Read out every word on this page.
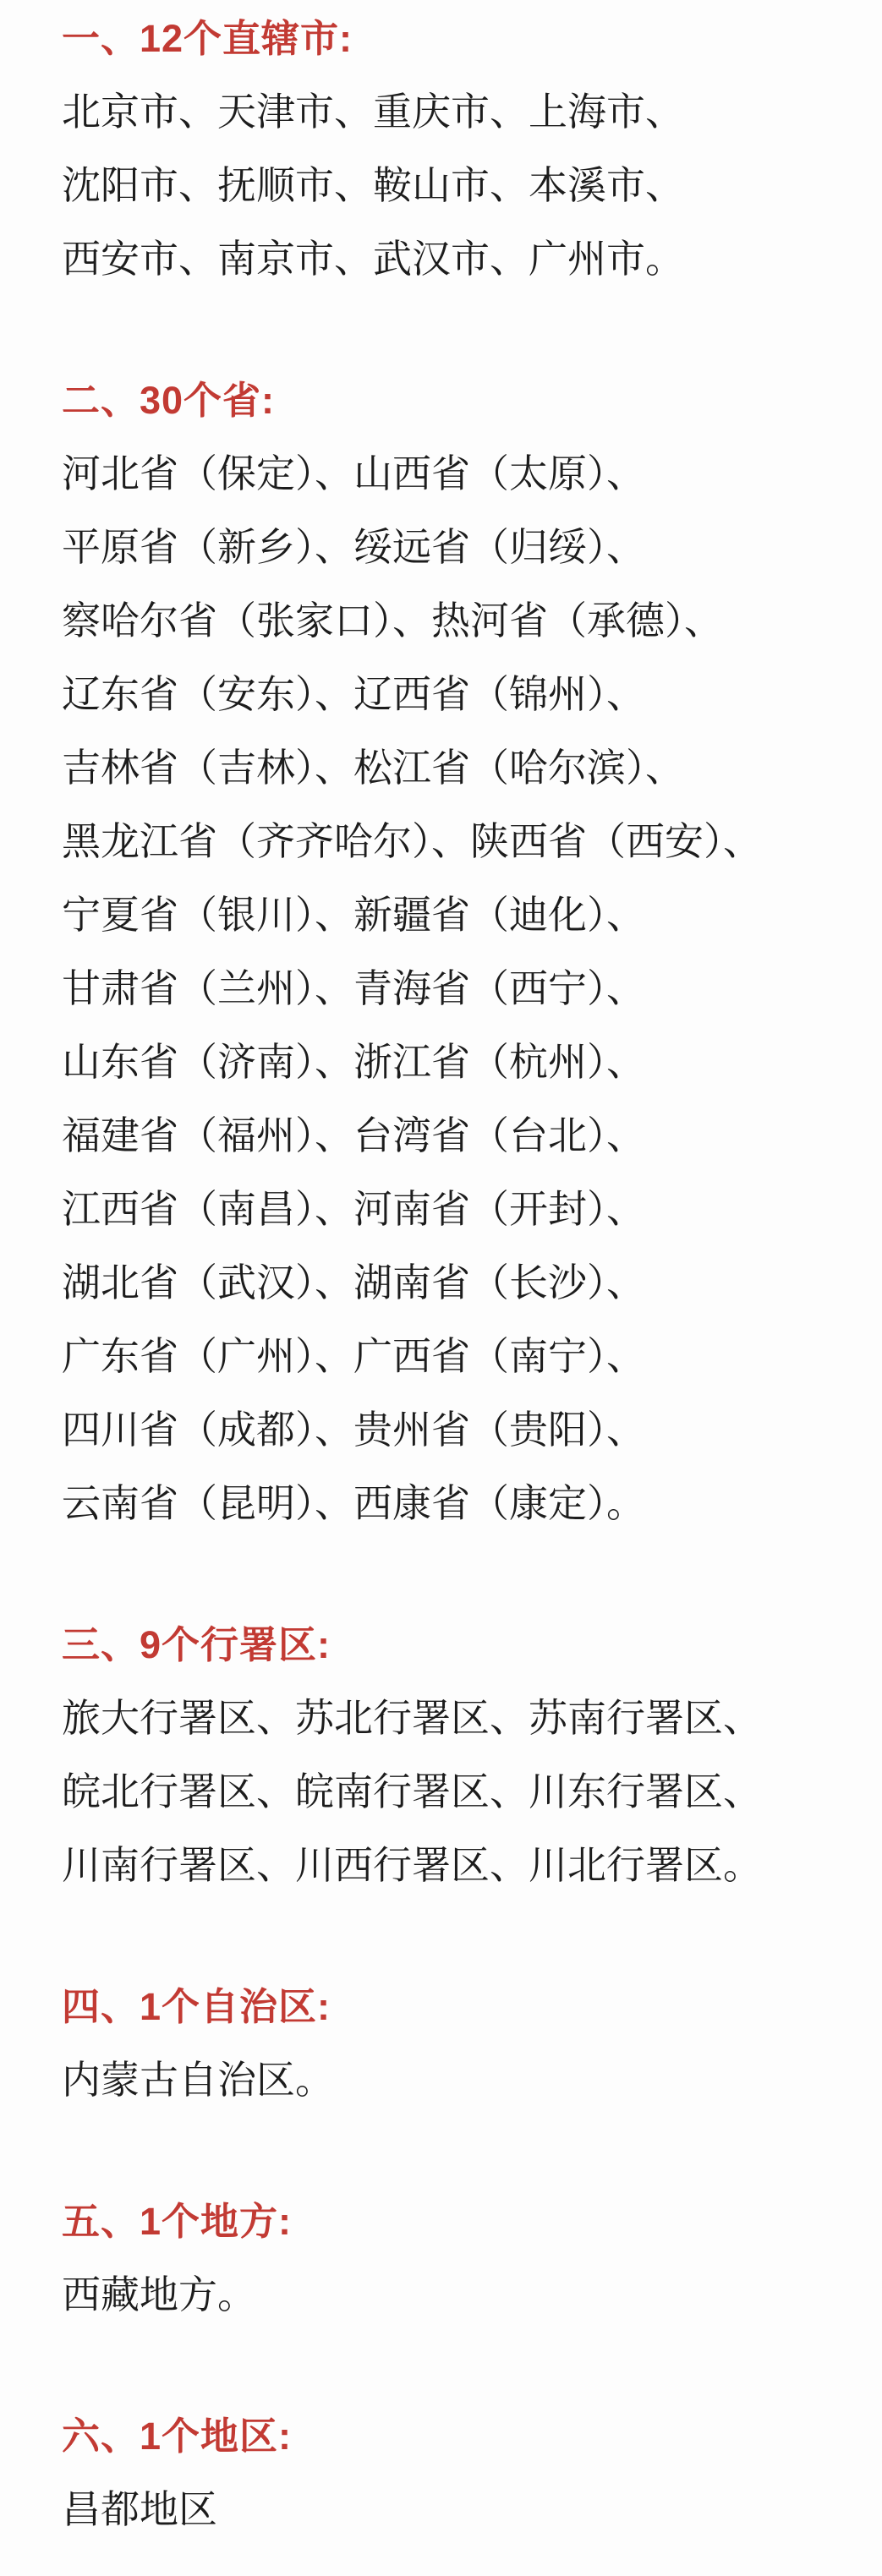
一、12个直辖市:

北京市、天津市、重庆市、上海市、

沈阳市、抚顺市、鞍山市、本溪市、

西安市、南京市、武汉市、广州市。

二、30个省:

河北省（保定）、山西省（太原）、

平原省（新乡）、绥远省（归绥）、

察哈尔省（张家口）、热河省（承德）、

辽东省（安东）、辽西省（锦州）、

吉林省（吉林）、松江省（哈尔滨）、

黑龙江省（齐齐哈尔）、陕西省（西安）、

宁夏省（银川）、新疆省（迪化）、

甘肃省（兰州）、青海省（西宁）、

山东省（济南）、浙江省（杭州）、

福建省（福州）、台湾省（台北）、

江西省（南昌）、河南省（开封）、

湖北省（武汉）、湖南省（长沙）、

广东省（广州）、广西省（南宁）、

四川省（成都）、贵州省（贵阳）、

云南省（昆明）、西康省（康定）。

三、9个行署区:

旅大行署区、苏北行署区、苏南行署区、

皖北行署区、皖南行署区、川东行署区、

川南行署区、川西行署区、川北行署区。

四、1个自治区:

内蒙古自治区。

五、1个地方:

西藏地方。

六、1个地区:

昌都地区
